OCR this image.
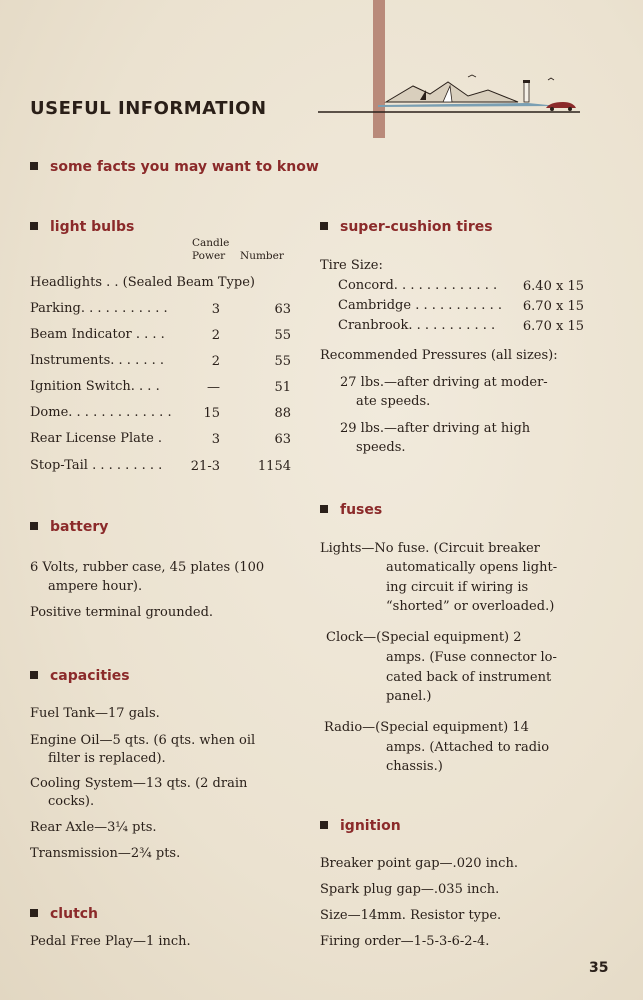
USEFUL INFORMATION
some facts you may want to know
light bulbs
Candle
Power Number
Headlights . . (Sealed Beam Type)
Parking. . . . . . . . . . .	3	63
Beam Indicator . . . .	2	55
Instruments. . . . . . .	2	55
Ignition Switch. . . .	—	51
Dome. . . . . . . . . . . . .	15	88
Rear License Plate .	3	63
Stop-Tail . . . . . . . . .	21-3	1154
battery
6 Volts, rubber case, 45 plates (100
ampere hour).
Positive terminal grounded.
capacities
Fuel Tank—17 gals.
Engine Oil—5 qts. (6 qts. when oil
filter is replaced).
Cooling System—13 qts. (2 drain
cocks).
Rear Axle—3¼ pts.
Transmission—2¾ pts.
clutch
Pedal Free Play—1 inch.
super-cushion tires
Tire Size:
Concord. . . . . . . . . . . . .	6.40 x 15
Cambridge . . . . . . . . . . .	6.70 x 15
Cranbrook. . . . . . . . . . .	6.70 x 15
Recommended Pressures (all sizes):
27 lbs.—after driving at moder-
ate speeds.
29 lbs.—after driving at high
speeds.
fuses
Lights—No fuse. (Circuit breaker
automatically opens light-
ing circuit if wiring is
“shorted” or overloaded.)
Clock—(Special equipment) 2
amps. (Fuse connector lo-
cated back of instrument
panel.)
Radio—(Special equipment) 14
amps. (Attached to radio
chassis.)
ignition
Breaker point gap—.020 inch.
Spark plug gap—.035 inch.
Size—14mm. Resistor type.
Firing order—1-5-3-6-2-4.
35
